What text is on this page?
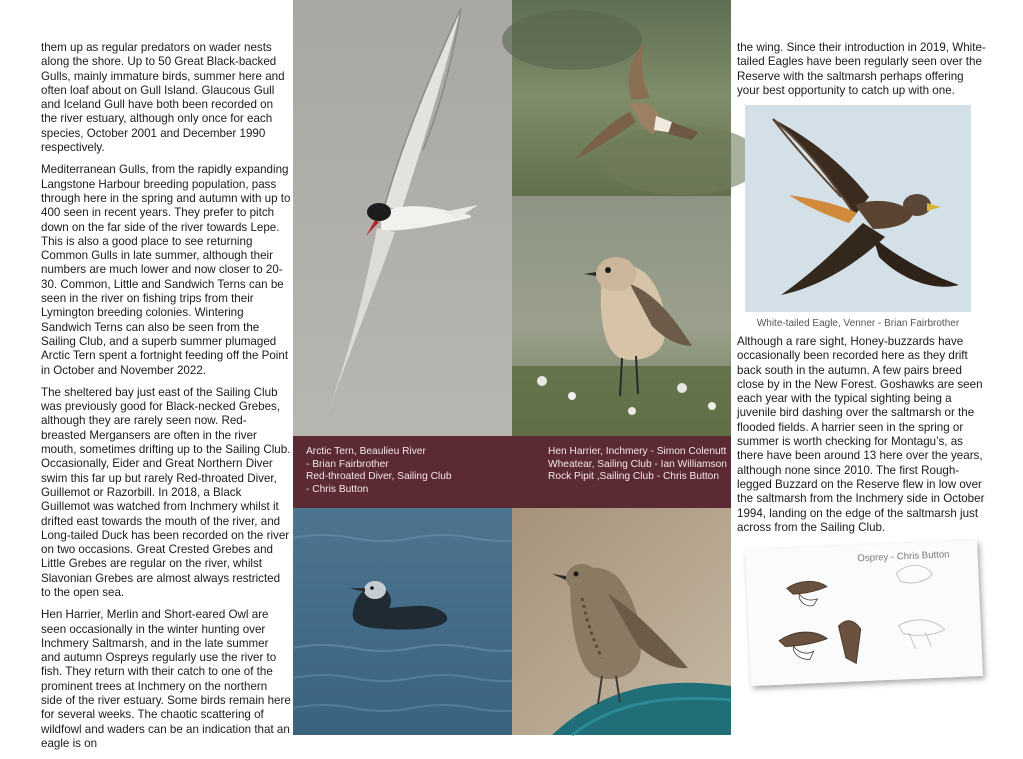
them up as regular predators on wader nests along the shore. Up to 50 Great Black-backed Gulls, mainly immature birds, summer here and often loaf about on Gull Island. Glaucous Gull and Iceland Gull have both been recorded on the river estuary, although only once for each species, October 2001 and December 1990 respectively.

Mediterranean Gulls, from the rapidly expanding Langstone Harbour breeding population, pass through here in the spring and autumn with up to 400 seen in recent years. They prefer to pitch down on the far side of the river towards Lepe. This is also a good place to see returning Common Gulls in late summer, although their numbers are much lower and now closer to 20-30. Common, Little and Sandwich Terns can be seen in the river on fishing trips from their Lymington breeding colonies. Wintering Sandwich Terns can also be seen from the Sailing Club, and a superb summer plumaged Arctic Tern spent a fortnight feeding off the Point in October and November 2022.

The sheltered bay just east of the Sailing Club was previously good for Black-necked Grebes, although they are rarely seen now. Red-breasted Mergansers are often in the river mouth, sometimes drifting up to the Sailing Club. Occasionally, Eider and Great Northern Diver swim this far up but rarely Red-throated Diver, Guillemot or Razorbill. In 2018, a Black Guillemot was watched from Inchmery whilst it drifted east towards the mouth of the river, and Long-tailed Duck has been recorded on the river on two occasions. Great Crested Grebes and Little Grebes are regular on the river, whilst Slavonian Grebes are almost always restricted to the open sea.

Hen Harrier, Merlin and Short-eared Owl are seen occasionally in the winter hunting over Inchmery Saltmarsh, and in the late summer and autumn Ospreys regularly use the river to fish. They return with their catch to one of the prominent trees at Inchmery on the northern side of the river estuary. Some birds remain here for several weeks. The chaotic scattering of wildfowl and waders can be an indication that an eagle is on

Arctic Tern, Beaulieu River
- Brian Fairbrother
Red-throated Diver, Sailing Club
- Chris Button
Hen Harrier, Inchmery - Simon Colenutt
Wheatear, Sailing Club - Ian Williamson
Rock Pipit ,Sailing Club - Chris Button

the wing. Since their introduction in 2019, White-tailed Eagles have been regularly seen over the Reserve with the saltmarsh perhaps offering your best opportunity to catch up with one.

White-tailed Eagle, Venner - Brian Fairbrother

Although a rare sight, Honey-buzzards have occasionally been recorded here as they drift back south in the autumn. A few pairs breed close by in the New Forest. Goshawks are seen each year with the typical sighting being a juvenile bird dashing over the saltmarsh or the flooded fields. A harrier seen in the spring or summer is worth checking for Montagu’s, as there have been around 13 here over the years, although none since 2010. The first Rough-legged Buzzard on the Reserve flew in low over the saltmarsh from the Inchmery side in October 1994, landing on the edge of the saltmarsh just across from the Sailing Club.

Osprey - Chris Button
